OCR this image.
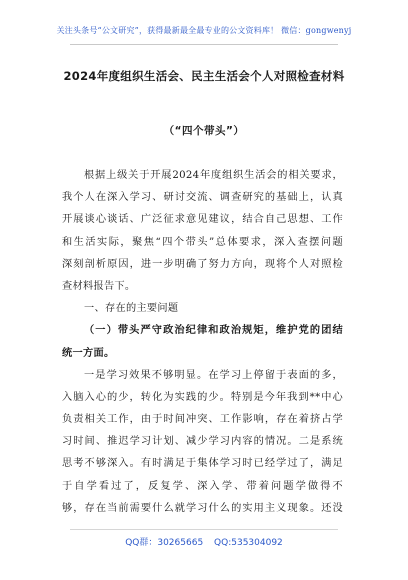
关注头条号“公文研究”，获得最新最全最专业的公文资料库！ 微信：gongwenyj
2024年度组织生活会、民主生活会个人对照检查材料
（“四个带头”）
根据上级关于开展2024年度组织生活会的相关要求，
我个人在深入学习、研讨交流、调查研究的基础上，认真
开展谈心谈话、广泛征求意见建议，结合自己思想、工作
和生活实际，聚焦“四个带头”总体要求，深入查摆问题
深刻剖析原因，进一步明确了努力方向，现将个人对照检
查材料报告下。
一、存在的主要问题
（一）带头严守政治纪律和政治规矩，维护党的团结
统一方面。
一是学习效果不够明显。在学习上停留于表面的多，
入脑入心的少，转化为实践的少。特别是今年我到**中心
负责相关工作，由于时间冲突、工作影响，存在着挤占学
习时间、推迟学习计划、减少学习内容的情况。二是系统
思考不够深入。有时满足于集体学习时已经学过了，满足
于自学看过了，反复学、深入学、带着问题学做得不
够，存在当前需要什么就学习什么的实用主义现象。还没
QQ群：30265665 QQ:535304092
